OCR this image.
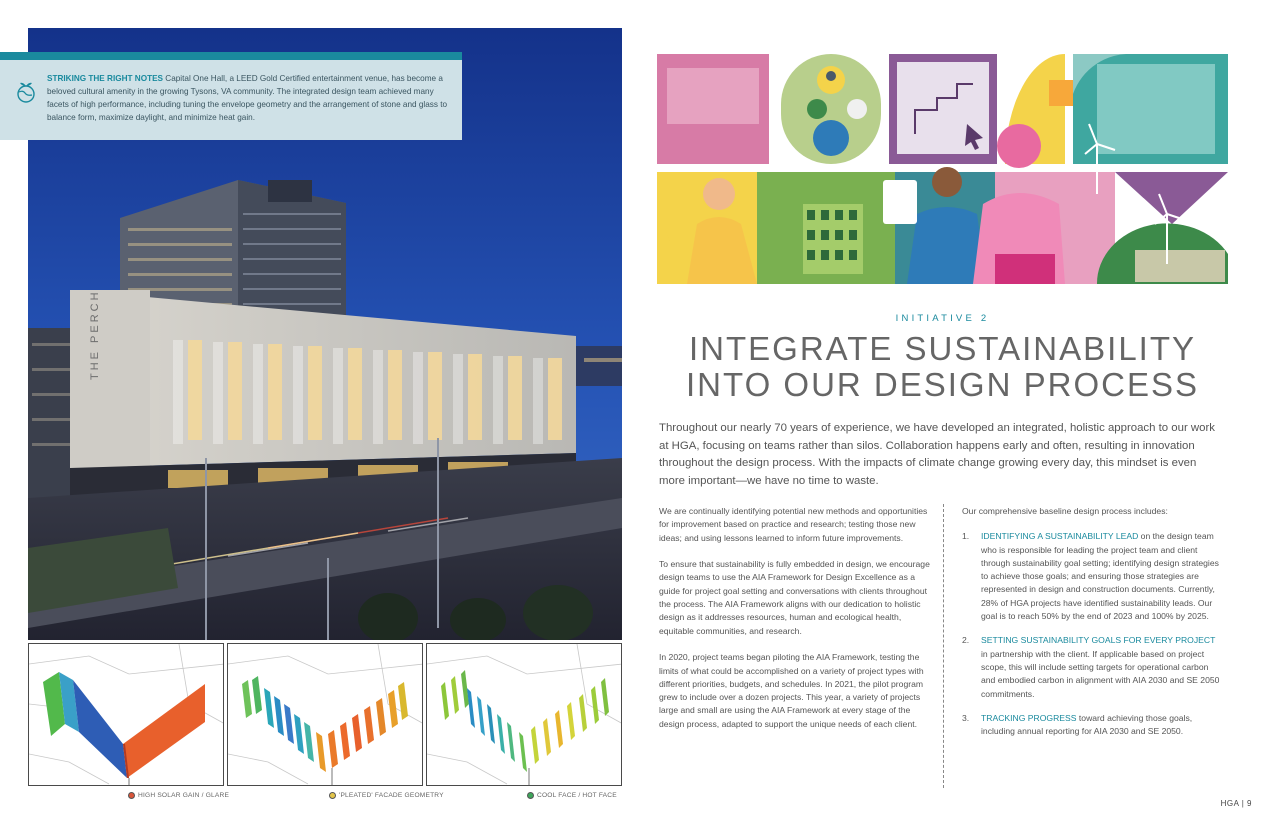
THE PERCH

STRIKING THE RIGHT NOTES Capital One Hall, a LEED Gold Certified entertainment venue, has become a beloved cultural amenity in the growing Tysons, VA community. The integrated design team achieved many facets of high performance, including tuning the envelope geometry and the arrangement of stone and glass to balance form, maximize daylight, and minimize heat gain.

HIGH SOLAR GAIN / GLARE	'PLEATED' FACADE GEOMETRY	COOL FACE / HOT FACE
INITIATIVE 2
INTEGRATE SUSTAINABILITY
INTO OUR DESIGN PROCESS

Throughout our nearly 70 years of experience, we have developed an integrated, holistic approach to our work at HGA, focusing on teams rather than silos. Collaboration happens early and often, resulting in innovation throughout the design process. With the impacts of climate change growing every day, this mindset is even more important—we have no time to waste.

We are continually identifying potential new methods and opportunities for improvement based on practice and research; testing those new ideas; and using lessons learned to inform future improvements.

To ensure that sustainability is fully embedded in design, we encourage design teams to use the AIA Framework for Design Excellence as a guide for project goal setting and conversations with clients throughout the process. The AIA Framework aligns with our dedication to holistic design as it addresses resources, human and ecological health, equitable communities, and research.

In 2020, project teams began piloting the AIA Framework, testing the limits of what could be accomplished on a variety of project types with different priorities, budgets, and schedules. In 2021, the pilot program grew to include over a dozen projects. This year, a variety of projects large and small are using the AIA Framework at every stage of the design process, adapted to support the unique needs of each client.

Our comprehensive baseline design process includes:

1. IDENTIFYING A SUSTAINABILITY LEAD on the design team who is responsible for leading the project team and client through sustainability goal setting; identifying design strategies to achieve those goals; and ensuring those strategies are represented in design and construction documents. Currently, 28% of HGA projects have identified sustainability leads. Our goal is to reach 50% by the end of 2023 and 100% by 2025.
2. SETTING SUSTAINABILITY GOALS FOR EVERY PROJECT in partnership with the client. If applicable based on project scope, this will include setting targets for operational carbon and embodied carbon in alignment with AIA 2030 and SE 2050 commitments.
3. TRACKING PROGRESS toward achieving those goals, including annual reporting for AIA 2030 and SE 2050.
HGA | 9
